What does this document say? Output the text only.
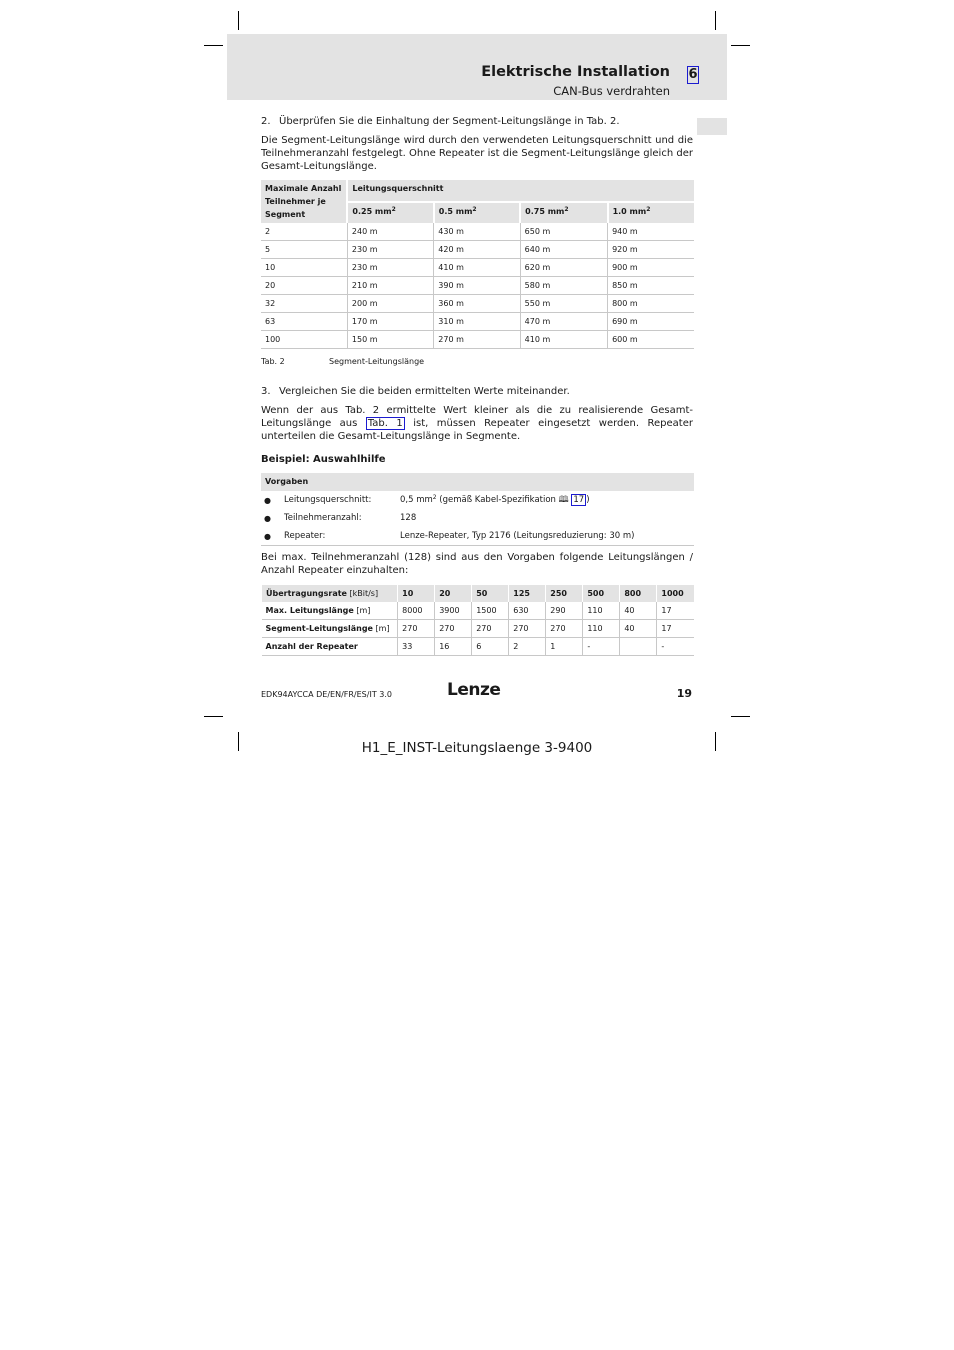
Elektrische Installation 6
CAN-Bus verdrahten

2. Überprüfen Sie die Einhaltung der Segment-Leitungslänge in Tab. 2.

Die Segment-Leitungslänge wird durch den verwendeten Leitungsquerschnitt und die Teilnehmeranzahl festgelegt. Ohne Repeater ist die Segment-Leitungslänge gleich der Gesamt-Leitungslänge.

Maximale Anzahl Teilnehmer je Segment	Leitungsquerschnitt			
	0.25 $mm^2$	0.5 $mm^2$	0.75 $mm^2$	1.0 $mm^2$
2	240 m	430 m	650 m	940 m
5	230 m	420 m	640 m	920 m
10	230 m	410 m	620 m	900 m
20	210 m	390 m	580 m	850 m
32	200 m	360 m	550 m	800 m
63	170 m	310 m	470 m	690 m
100	150 m	270 m	410 m	600 m
Tab. 2	Segment-Leitungslänge

3. Vergleichen Sie die beiden ermittelten Werte miteinander.

Wenn der aus Tab. 2 ermittelte Wert kleiner als die zu realisierende Gesamt-Leitungslänge aus Tab. 1 ist, müssen Repeater eingesetzt werden. Repeater unterteilen die Gesamt-Leitungslänge in Segmente.

Beispiel: Auswahlhilfe

Vorgaben
●	Leitungsquerschnitt:	0,5 $mm^2$ (gemäß Kabel-Spezifikation 🕮 17 )
●	Teilnehmeranzahl:	128
●	Repeater:	Lenze-Repeater, Typ 2176 (Leitungsreduzierung: 30 m)

Bei max. Teilnehmeranzahl (128) sind aus den Vorgaben folgende Leitungslängen / Anzahl Repeater einzuhalten:

Übertragungsrate [kBit/s]	10	20	50	125	250	500	800	1000
Max. Leitungslänge [m]	8000	3900	1500	630	290	110	40	17
Segment-Leitungslänge [m]	270	270	270	270	270	110	40	17
Anzahl der Repeater	33	16	6	2	1	-		-
EDK94AYCCA DE/EN/FR/ES/IT 3.0	Lenze	19
H1_E_INST-Leitungslaenge 3-9400
